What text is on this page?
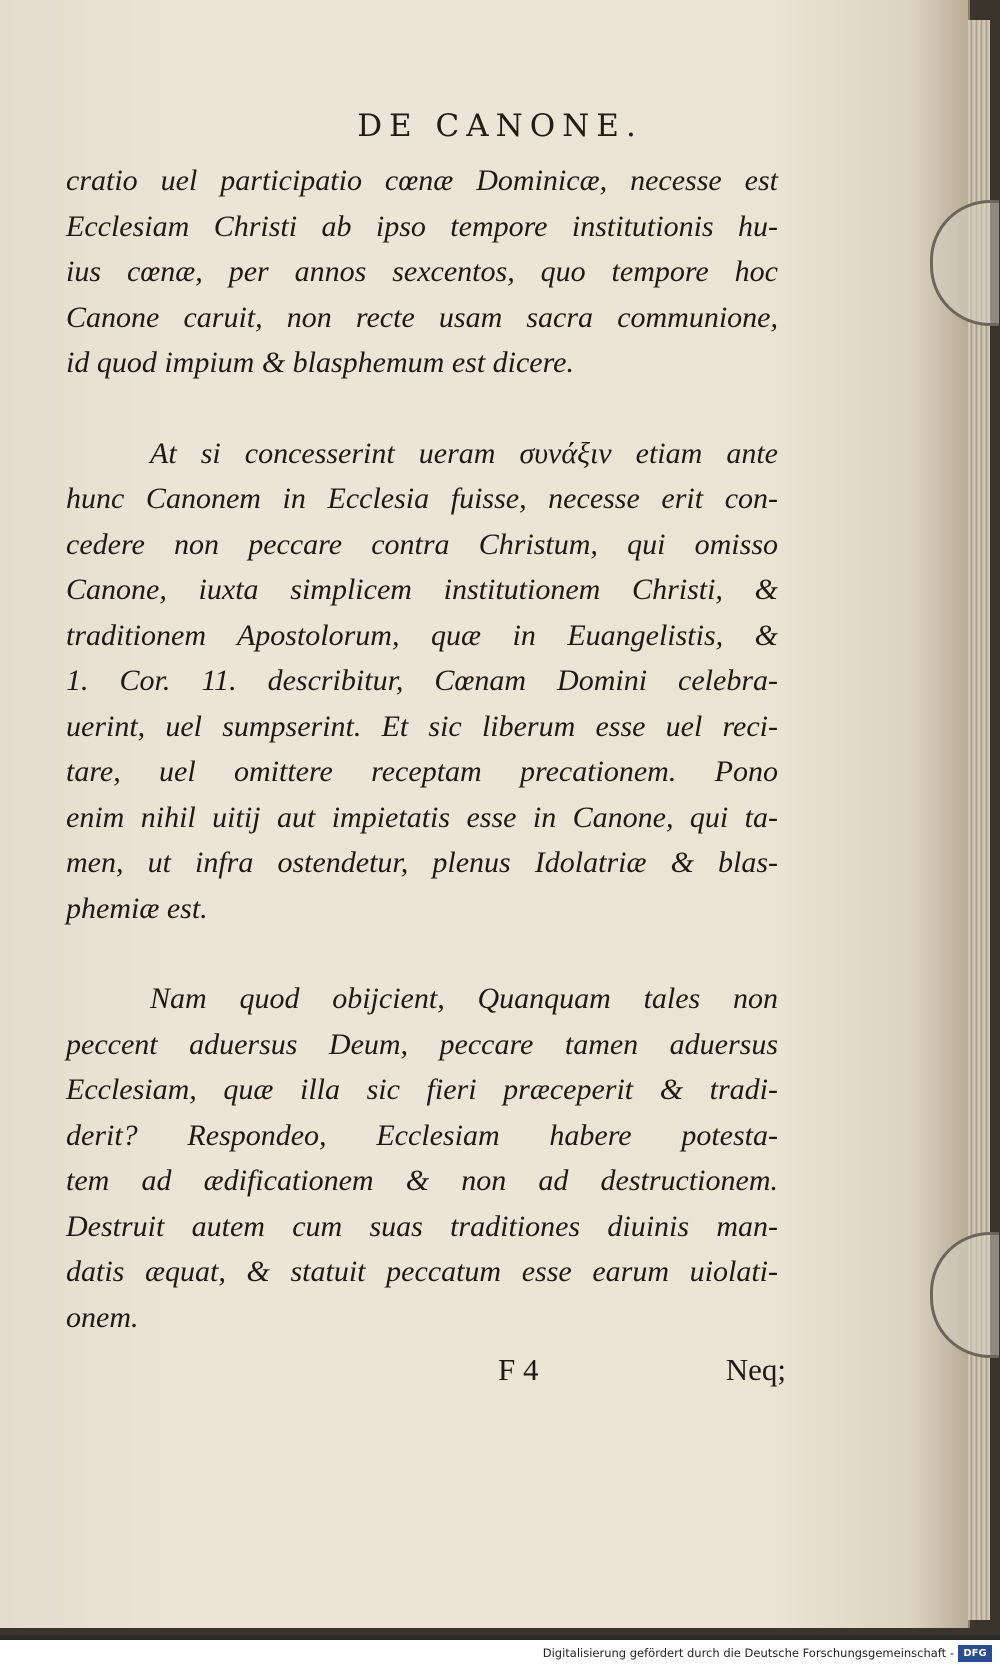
DE CANONE.
cratio uel participatio cœnæ Dominicæ, necesse est
Ecclesiam Christi ab ipso tempore institutionis hu-
ius cœnæ, per annos sexcentos, quo tempore hoc
Canone caruit, non recte usam sacra communione,
id quod impium & blasphemum est dicere.
At si concesserint ueram συνάξιν etiam ante
hunc Canonem in Ecclesia fuisse, necesse erit con-
cedere non peccare contra Christum, qui omisso
Canone, iuxta simplicem institutionem Christi, &
traditionem Apostolorum, quæ in Euangelistis, &
1. Cor. 11. describitur, Cœnam Domini celebra-
uerint, uel sumpserint. Et sic liberum esse uel reci-
tare, uel omittere receptam precationem. Pono
enim nihil uitij aut impietatis esse in Canone, qui ta-
men, ut infra ostendetur, plenus Idolatriæ & blas-
phemiæ est.
Nam quod obijcient, Quanquam tales non
peccent aduersus Deum, peccare tamen aduersus
Ecclesiam, quæ illa sic fieri præceperit & tradi-
derit? Respondeo, Ecclesiam habere potesta-
tem ad ædificationem & non ad destructionem.
Destruit autem cum suas traditiones diuinis man-
datis æquat, & statuit peccatum esse earum uiolati-
onem.
F 4	Neq;
Digitalisierung gefördert durch die Deutsche Forschungsgemeinschaft - DFG
